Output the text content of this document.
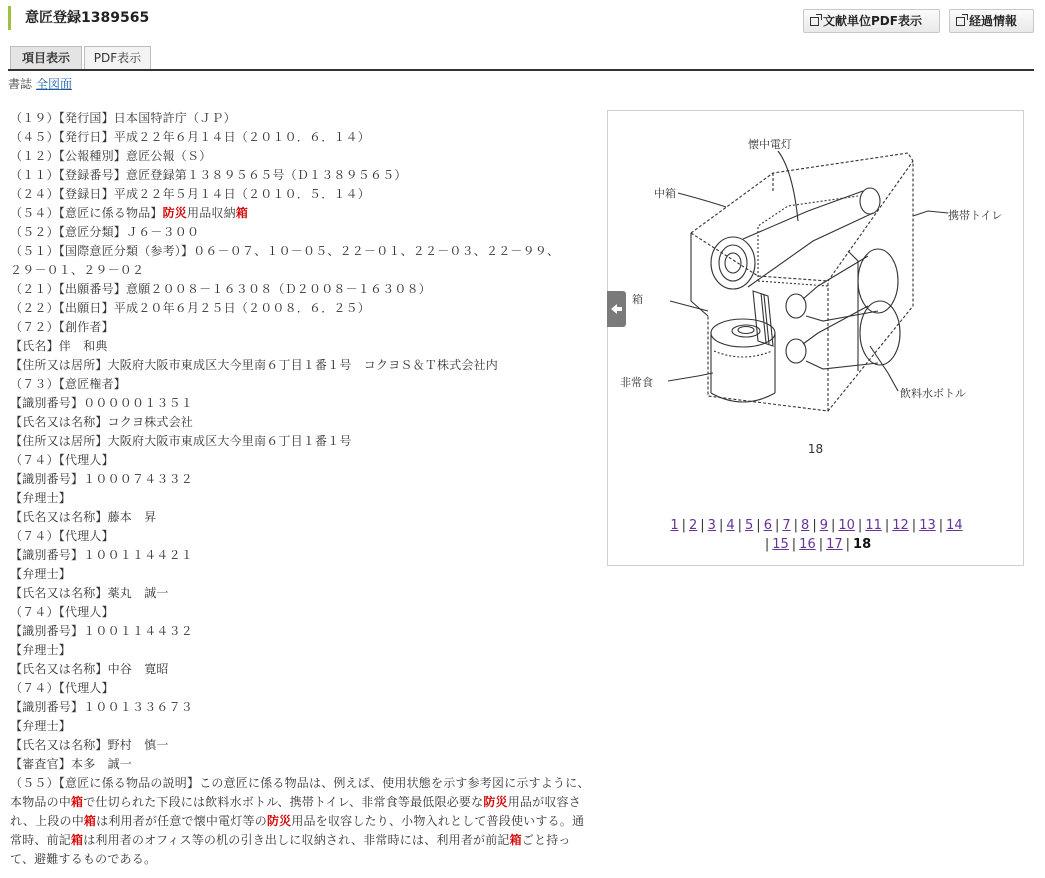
意匠登録1389565	文献単位PDF表示	経過情報
項目表示	PDF表示
書誌 全図面
（１９）【発行国】日本国特許庁（ＪＰ）
（４５）【発行日】平成２２年６月１４日（２０１０．６．１４）
（１２）【公報種別】意匠公報（Ｓ）
（１１）【登録番号】意匠登録第１３８９５６５号（Ｄ１３８９５６５）
（２４）【登録日】平成２２年５月１４日（２０１０．５．１４）
（５４）【意匠に係る物品】防災用品収納箱
（５２）【意匠分類】Ｊ６－３００
（５１）【国際意匠分類（参考）】０６－０７、１０－０５、２２－０１、２２－０３、２２－９９、
２９－０１、２９－０２
（２１）【出願番号】意願２００８－１６３０８（Ｄ２００８－１６３０８）
（２２）【出願日】平成２０年６月２５日（２００８．６．２５）
（７２）【創作者】
【氏名】伴　和典
【住所又は居所】大阪府大阪市東成区大今里南６丁目１番１号　コクヨＳ＆Ｔ株式会社内
（７３）【意匠権者】
【識別番号】０００００１３５１
【氏名又は名称】コクヨ株式会社
【住所又は居所】大阪府大阪市東成区大今里南６丁目１番１号
（７４）【代理人】
【識別番号】１０００７４３３２
【弁理士】
【氏名又は名称】藤本　昇
（７４）【代理人】
【識別番号】１００１１４４２１
【弁理士】
【氏名又は名称】薬丸　誠一
（７４）【代理人】
【識別番号】１００１１４４３２
【弁理士】
【氏名又は名称】中谷　寛昭
（７４）【代理人】
【識別番号】１００１３３６７３
【弁理士】
【氏名又は名称】野村　慎一
【審査官】本多　誠一
（５５）【意匠に係る物品の説明】この意匠に係る物品は、例えば、使用状態を示す参考図に示すように、本物品の中箱で仕切られた下段には飲料水ボトル、携帯トイレ、非常食等最低限必要な防災用品が収容され、上段の中箱は利用者が任意で懐中電灯等の防災用品を収容したり、小物入れとして普段使いする。通常時、前記箱は利用者のオフィス等の机の引き出しに収納され、非常時には、利用者が前記箱ごと持って、避難するものである。
懐中電灯
中箱
携帯トイレ
箱
非常食
飲料水ボトル
18
1 | 2 | 3 | 4 | 5 | 6 | 7 | 8 | 9 | 10 | 11 | 12 | 13 | 14
| 15 | 16 | 17 | 18
